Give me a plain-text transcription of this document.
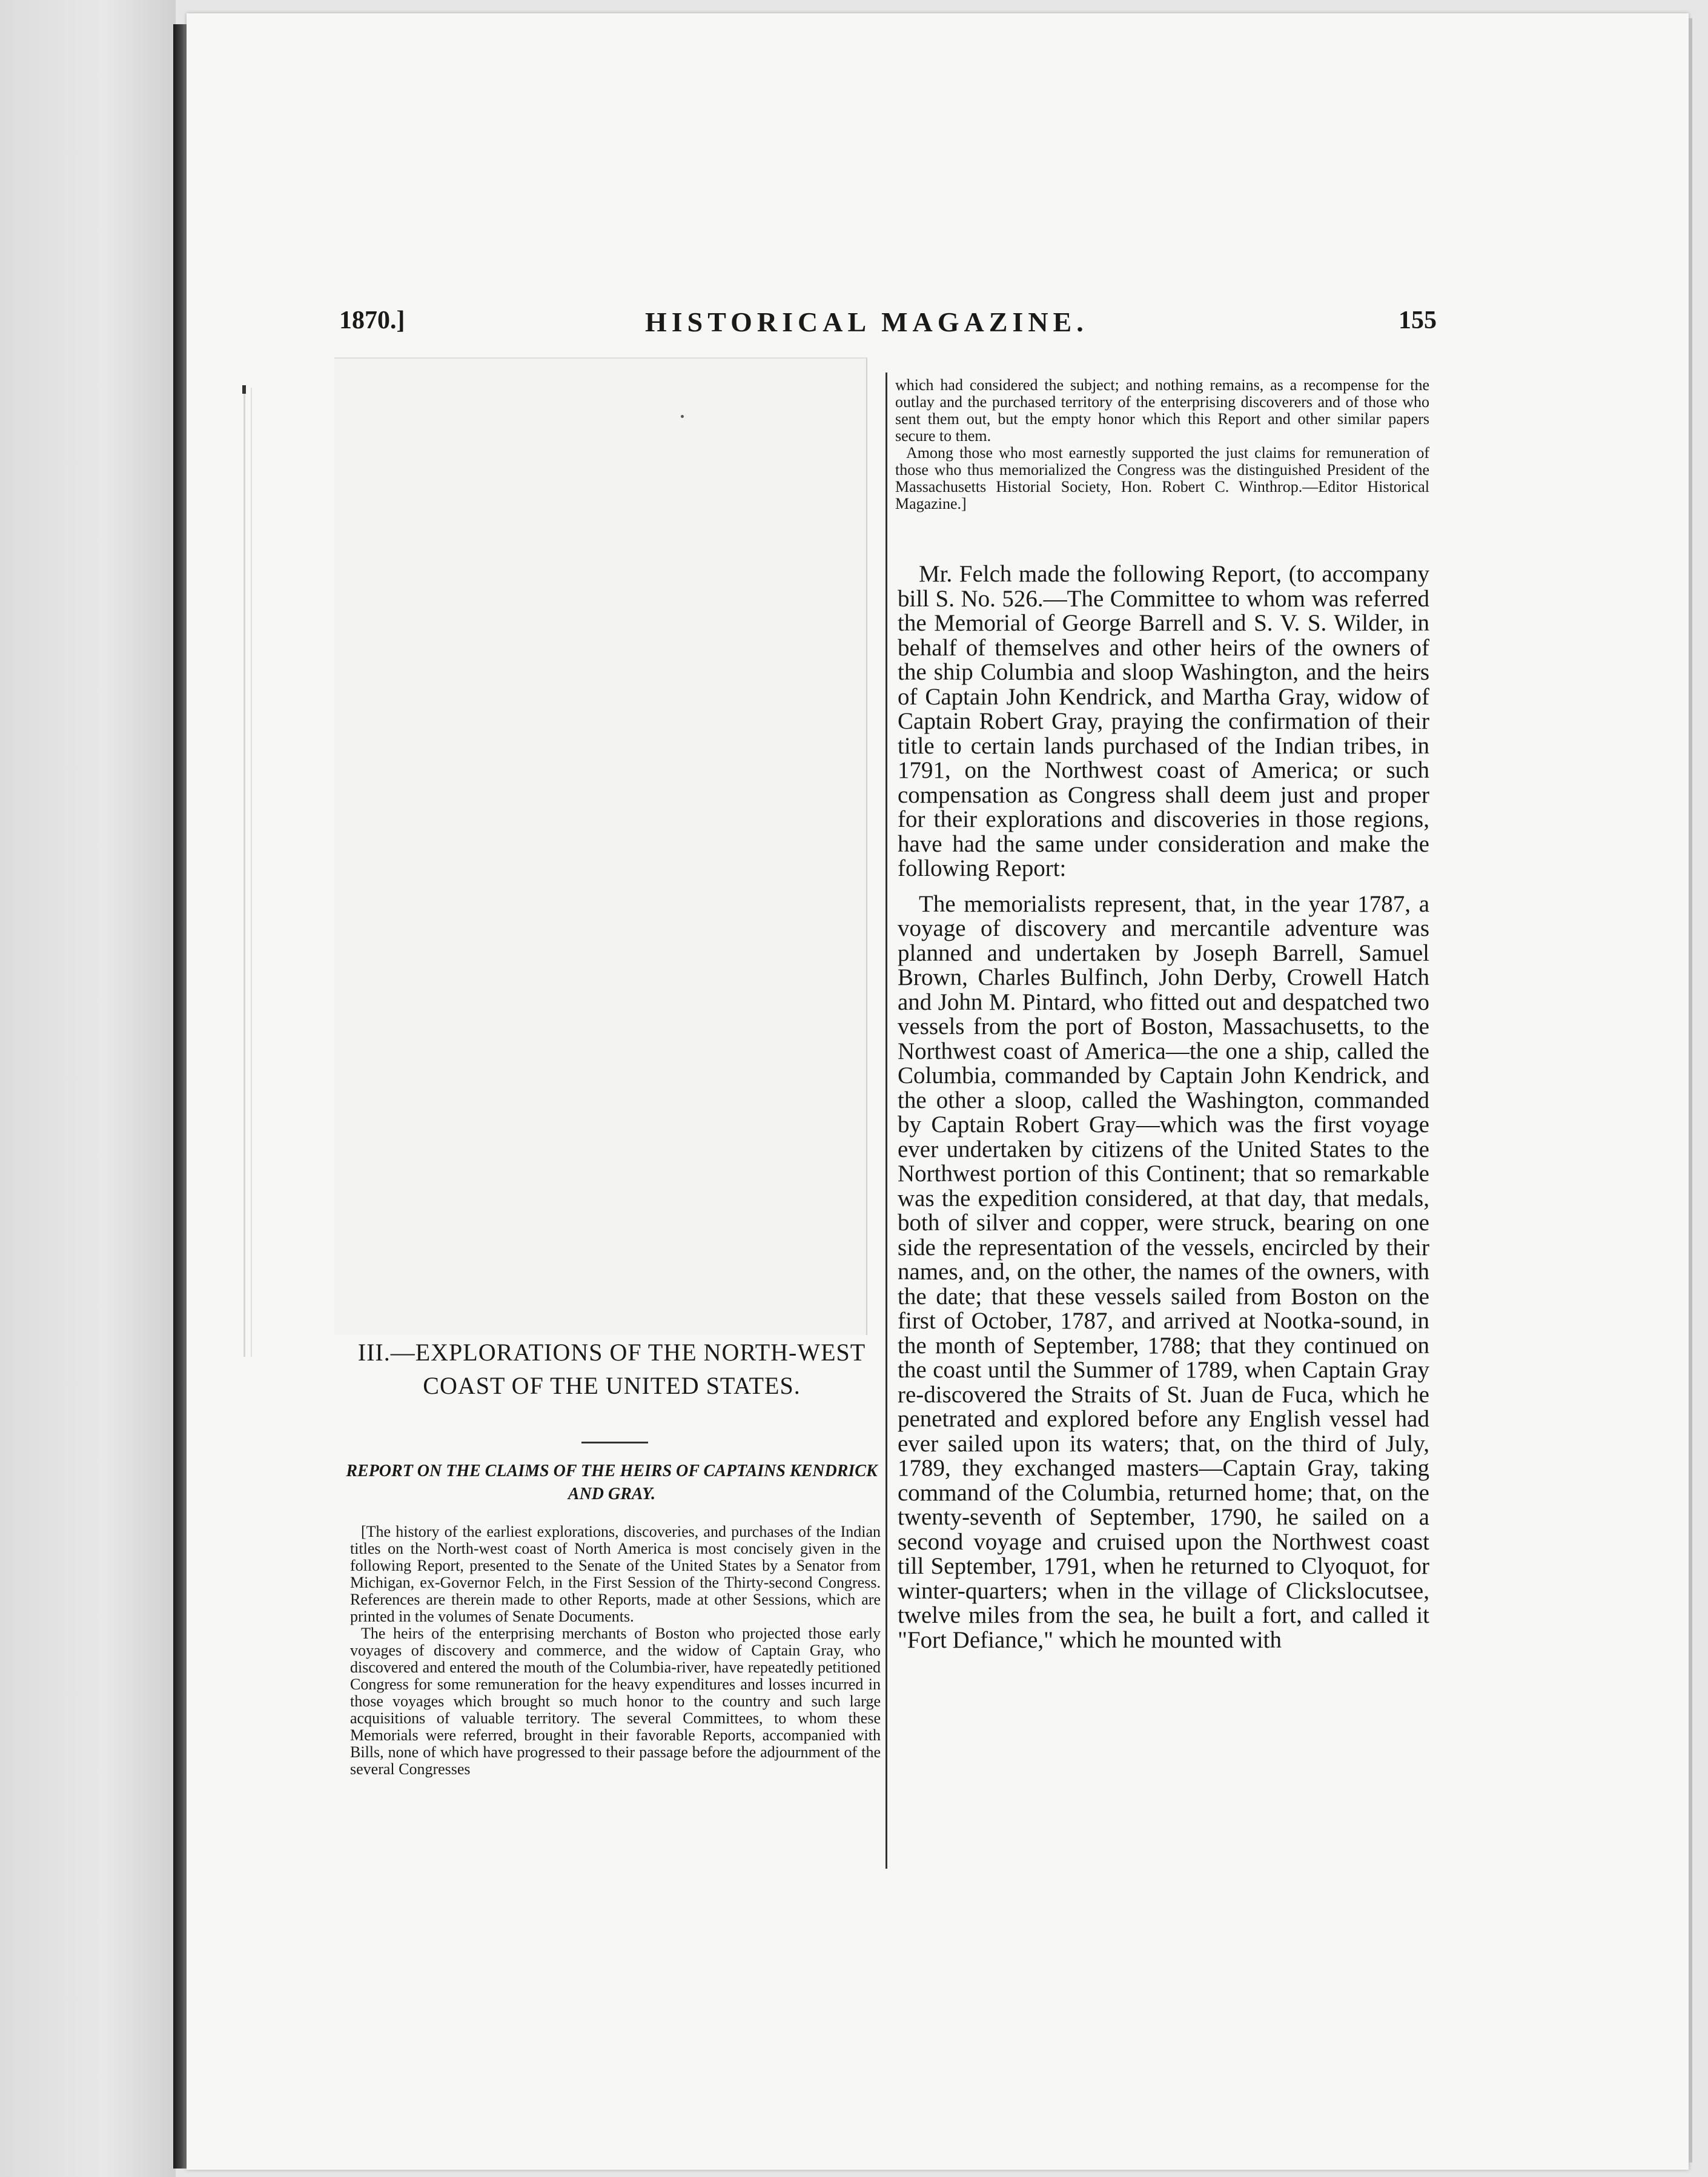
1870.]	HISTORICAL MAGAZINE.	155
III.—EXPLORATIONS OF THE NORTH-WEST COAST OF THE UNITED STATES.
REPORT ON THE CLAIMS OF THE HEIRS OF CAPTAINS KENDRICK AND GRAY.

[The history of the earliest explorations, discoveries, and purchases of the Indian titles on the North-west coast of North America is most concisely given in the following Report, presented to the Senate of the United States by a Senator from Michigan, ex-Governor Felch, in the First Session of the Thirty-second Congress. References are therein made to other Reports, made at other Sessions, which are printed in the volumes of Senate Documents.

The heirs of the enterprising merchants of Boston who projected those early voyages of discovery and commerce, and the widow of Captain Gray, who discovered and entered the mouth of the Columbia-river, have repeatedly petitioned Congress for some remuneration for the heavy expenditures and losses incurred in those voyages which brought so much honor to the country and such large acquisitions of valuable territory. The several Committees, to whom these Memorials were referred, brought in their favorable Reports, accompanied with Bills, none of which have progressed to their passage before the adjournment of the several Congresses

which had considered the subject; and nothing remains, as a recompense for the outlay and the purchased territory of the enterprising discoverers and of those who sent them out, but the empty honor which this Report and other similar papers secure to them.

Among those who most earnestly supported the just claims for remuneration of those who thus memorialized the Congress was the distinguished President of the Massachusetts Historial Society, Hon. Robert C. Winthrop.—Editor Historical Magazine.]

Mr. Felch made the following Report, (to accompany bill S. No. 526.—The Committee to whom was referred the Memorial of George Barrell and S. V. S. Wilder, in behalf of themselves and other heirs of the owners of the ship Columbia and sloop Washington, and the heirs of Captain John Kendrick, and Martha Gray, widow of Captain Robert Gray, praying the confirmation of their title to certain lands purchased of the Indian tribes, in 1791, on the Northwest coast of America; or such compensation as Congress shall deem just and proper for their explorations and discoveries in those regions, have had the same under consideration and make the following Report:

The memorialists represent, that, in the year 1787, a voyage of discovery and mercantile adventure was planned and undertaken by Joseph Barrell, Samuel Brown, Charles Bulfinch, John Derby, Crowell Hatch and John M. Pintard, who fitted out and despatched two vessels from the port of Boston, Massachusetts, to the Northwest coast of America—the one a ship, called the Columbia, commanded by Captain John Kendrick, and the other a sloop, called the Washington, commanded by Captain Robert Gray—which was the first voyage ever undertaken by citizens of the United States to the Northwest portion of this Continent; that so remarkable was the expedition considered, at that day, that medals, both of silver and copper, were struck, bearing on one side the representation of the vessels, encircled by their names, and, on the other, the names of the owners, with the date; that these vessels sailed from Boston on the first of October, 1787, and arrived at Nootka-sound, in the month of September, 1788; that they continued on the coast until the Summer of 1789, when Captain Gray re-discovered the Straits of St. Juan de Fuca, which he penetrated and explored before any English vessel had ever sailed upon its waters; that, on the third of July, 1789, they exchanged masters—Captain Gray, taking command of the Columbia, returned home; that, on the twenty-seventh of September, 1790, he sailed on a second voyage and cruised upon the Northwest coast till September, 1791, when he returned to Clyoquot, for winter-quarters; when in the village of Clickslocutsee, twelve miles from the sea, he built a fort, and called it "Fort Defiance," which he mounted with
